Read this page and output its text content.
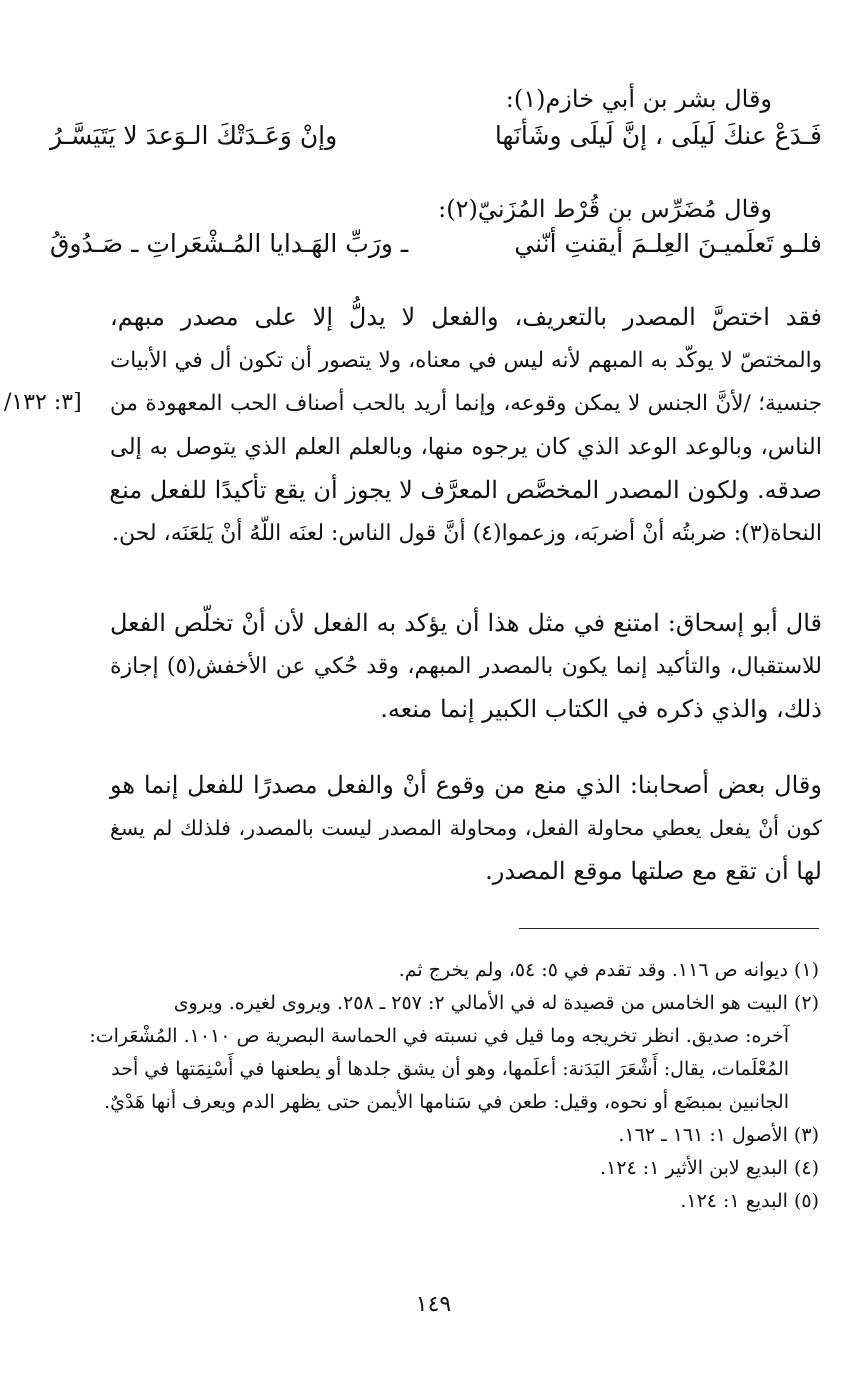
وقال بشر بن أبي خازم(١):
فَـدَعْ عنكَ لَيلَى ، إنَّ لَيلَى وشَأنَها
وإنْ وَعَـدَتْكَ الـوَعدَ لا يَتَيَسَّـرُ
وقال مُضَرِّس بن قُرْط المُزَنيّ(٢):
فلـو تَعلَميـنَ العِلـمَ أيقنتِ أنّني
ـ ورَبِّ الهَـدايا المُـشْعَراتِ ـ صَـدُوقُ
فقد اختصَّ المصدر بالتعريف، والفعل لا يدلُّ إلا على مصدر مبهم،
والمختصّ لا يوكّد به المبهم لأنه ليس في معناه، ولا يتصور أن تكون أل في الأبيات
جنسية؛ /لأنَّ الجنس لا يمكن وقوعه، وإنما أريد بالحب أصناف الحب المعهودة من
الناس، وبالوعد الوعد الذي كان يرجوه منها، وبالعلم العلم الذي يتوصل به إلى
صدقه. ولكون المصدر المخصَّص المعرَّف لا يجوز أن يقع تأكيدًا للفعل منع
النحاة(٣): ضربتُه أنْ أضربَه، وزعموا(٤) أنَّ قول الناس: لعنَه اللّهُ أنْ يَلعَنَه، لحن.
[٣: ١٣٢/
قال أبو إسحاق: امتنع في مثل هذا أن يؤكد به الفعل لأن أنْ تخلّص الفعل
للاستقبال، والتأكيد إنما يكون بالمصدر المبهم، وقد حُكي عن الأخفش(٥) إجازة
ذلك، والذي ذكره في الكتاب الكبير إنما منعه.
وقال بعض أصحابنا: الذي منع من وقوع أنْ والفعل مصدرًا للفعل إنما هو
كون أنْ يفعل يعطي محاولة الفعل، ومحاولة المصدر ليست بالمصدر، فلذلك لم يسغ
لها أن تقع مع صلتها موقع المصدر.
(١) ديوانه ص ١١٦. وقد تقدم في ٥: ٥٤، ولم يخرج ثم.
(٢) البيت هو الخامس من قصيدة له في الأمالي ٢: ٢٥٧ ـ ٢٥٨. ويروى لغيره. ويروى
آخره: صديق. انظر تخريجه وما قيل في نسبته في الحماسة البصرية ص ١٠١٠. المُشْعَرات:
المُعْلَمات، يقال: أَشْعَرَ البَدَنة: أعلَمها، وهو أن يشق جلدها أو يطعنها في أَسْنِمَتها في أحد
الجانبين بمبضَع أو نحوه، وقيل: طعن في سَنامها الأيمن حتى يظهر الدم ويعرف أنها هَدْيٌ.
(٣) الأصول ١: ١٦١ ـ ١٦٢.
(٤) البديع لابن الأثير ١: ١٢٤.
(٥) البديع ١: ١٢٤.
١٤٩
